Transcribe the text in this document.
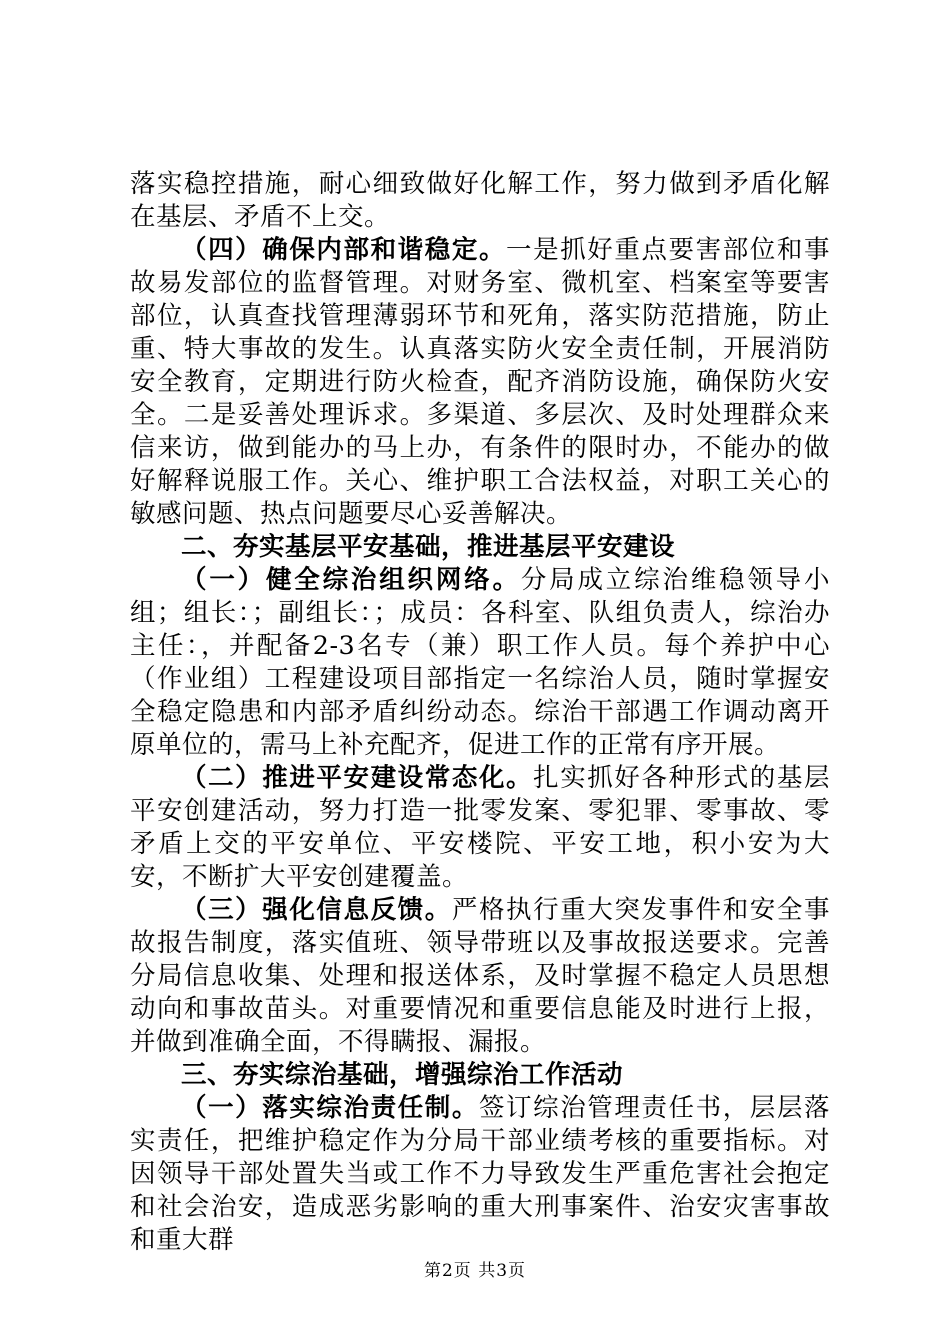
落实稳控措施，耐心细致做好化解工作，努力做到矛盾化解在基层、矛盾不上交。

（四）确保内部和谐稳定。一是抓好重点要害部位和事故易发部位的监督管理。对财务室、微机室、档案室等要害部位，认真查找管理薄弱环节和死角，落实防范措施，防止重、特大事故的发生。认真落实防火安全责任制，开展消防安全教育，定期进行防火检查，配齐消防设施，确保防火安全。二是妥善处理诉求。多渠道、多层次、及时处理群众来信来访，做到能办的马上办，有条件的限时办，不能办的做好解释说服工作。关心、维护职工合法权益，对职工关心的敏感问题、热点问题要尽心妥善解决。

二、夯实基层平安基础，推进基层平安建设

（一）健全综治组织网络。分局成立综治维稳领导小组；组长：；副组长：；成员：各科室、队组负责人，综治办主任：，并配备2-3名专（兼）职工作人员。每个养护中心（作业组）工程建设项目部指定一名综治人员，随时掌握安全稳定隐患和内部矛盾纠纷动态。综治干部遇工作调动离开原单位的，需马上补充配齐，促进工作的正常有序开展。

（二）推进平安建设常态化。扎实抓好各种形式的基层平安创建活动，努力打造一批零发案、零犯罪、零事故、零矛盾上交的平安单位、平安楼院、平安工地，积小安为大安，不断扩大平安创建覆盖。

（三）强化信息反馈。严格执行重大突发事件和安全事故报告制度，落实值班、领导带班以及事故报送要求。完善分局信息收集、处理和报送体系，及时掌握不稳定人员思想动向和事故苗头。对重要情况和重要信息能及时进行上报，并做到准确全面，不得瞒报、漏报。

三、夯实综治基础，增强综治工作活动

（一）落实综治责任制。签订综治管理责任书，层层落实责任，把维护稳定作为分局干部业绩考核的重要指标。对因领导干部处置失当或工作不力导致发生严重危害社会抱定和社会治安，造成恶劣影响的重大刑事案件、治安灾害事故和重大群

第2页 共3页
